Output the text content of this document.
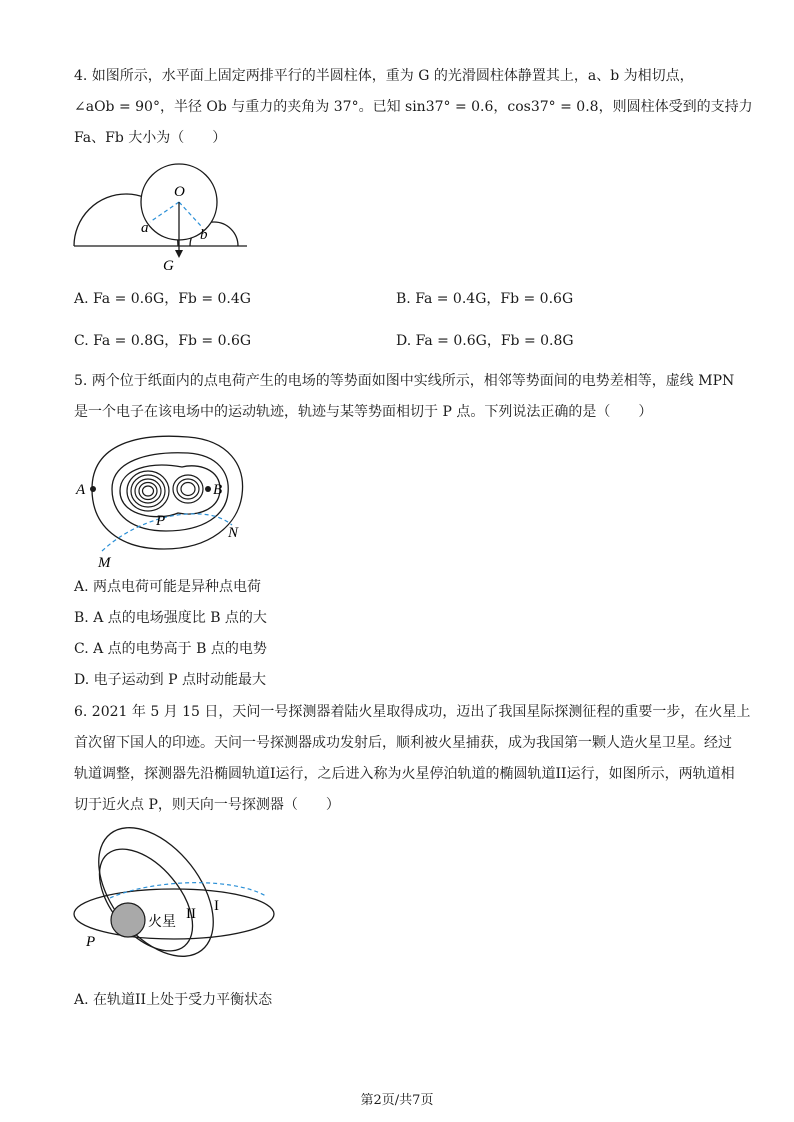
4. 如图所示，水平面上固定两排平行的半圆柱体，重为 G 的光滑圆柱体静置其上，a、b 为相切点，
∠aOb = 90°，半径 Ob 与重力的夹角为 37°。已知 sin37° = 0.6，cos37° = 0.8，则圆柱体受到的支持力
Fa、Fb 大小为（　　）
O
a	b
G
A. Fa = 0.6G，Fb = 0.4G	B. Fa = 0.4G，Fb = 0.6G
C. Fa = 0.8G，Fb = 0.6G	D. Fa = 0.6G，Fb = 0.8G
5. 两个位于纸面内的点电荷产生的电场的等势面如图中实线所示，相邻等势面间的电势差相等，虚线 MPN
是一个电子在该电场中的运动轨迹，轨迹与某等势面相切于 P 点。下列说法正确的是（　　）
A	B
P
N
M
A. 两点电荷可能是异种点电荷
B. A 点的电场强度比 B 点的大
C. A 点的电势高于 B 点的电势
D. 电子运动到 P 点时动能最大
6. 2021 年 5 月 15 日，天问一号探测器着陆火星取得成功，迈出了我国星际探测征程的重要一步，在火星上
首次留下国人的印迹。天问一号探测器成功发射后，顺利被火星捕获，成为我国第一颗人造火星卫星。经过
轨道调整，探测器先沿椭圆轨道I运行，之后进入称为火星停泊轨道的椭圆轨道II运行，如图所示，两轨道相
切于近火点 P，则天向一号探测器（　　）
火星 II I
P
A. 在轨道II上处于受力平衡状态
第2页/共7页
